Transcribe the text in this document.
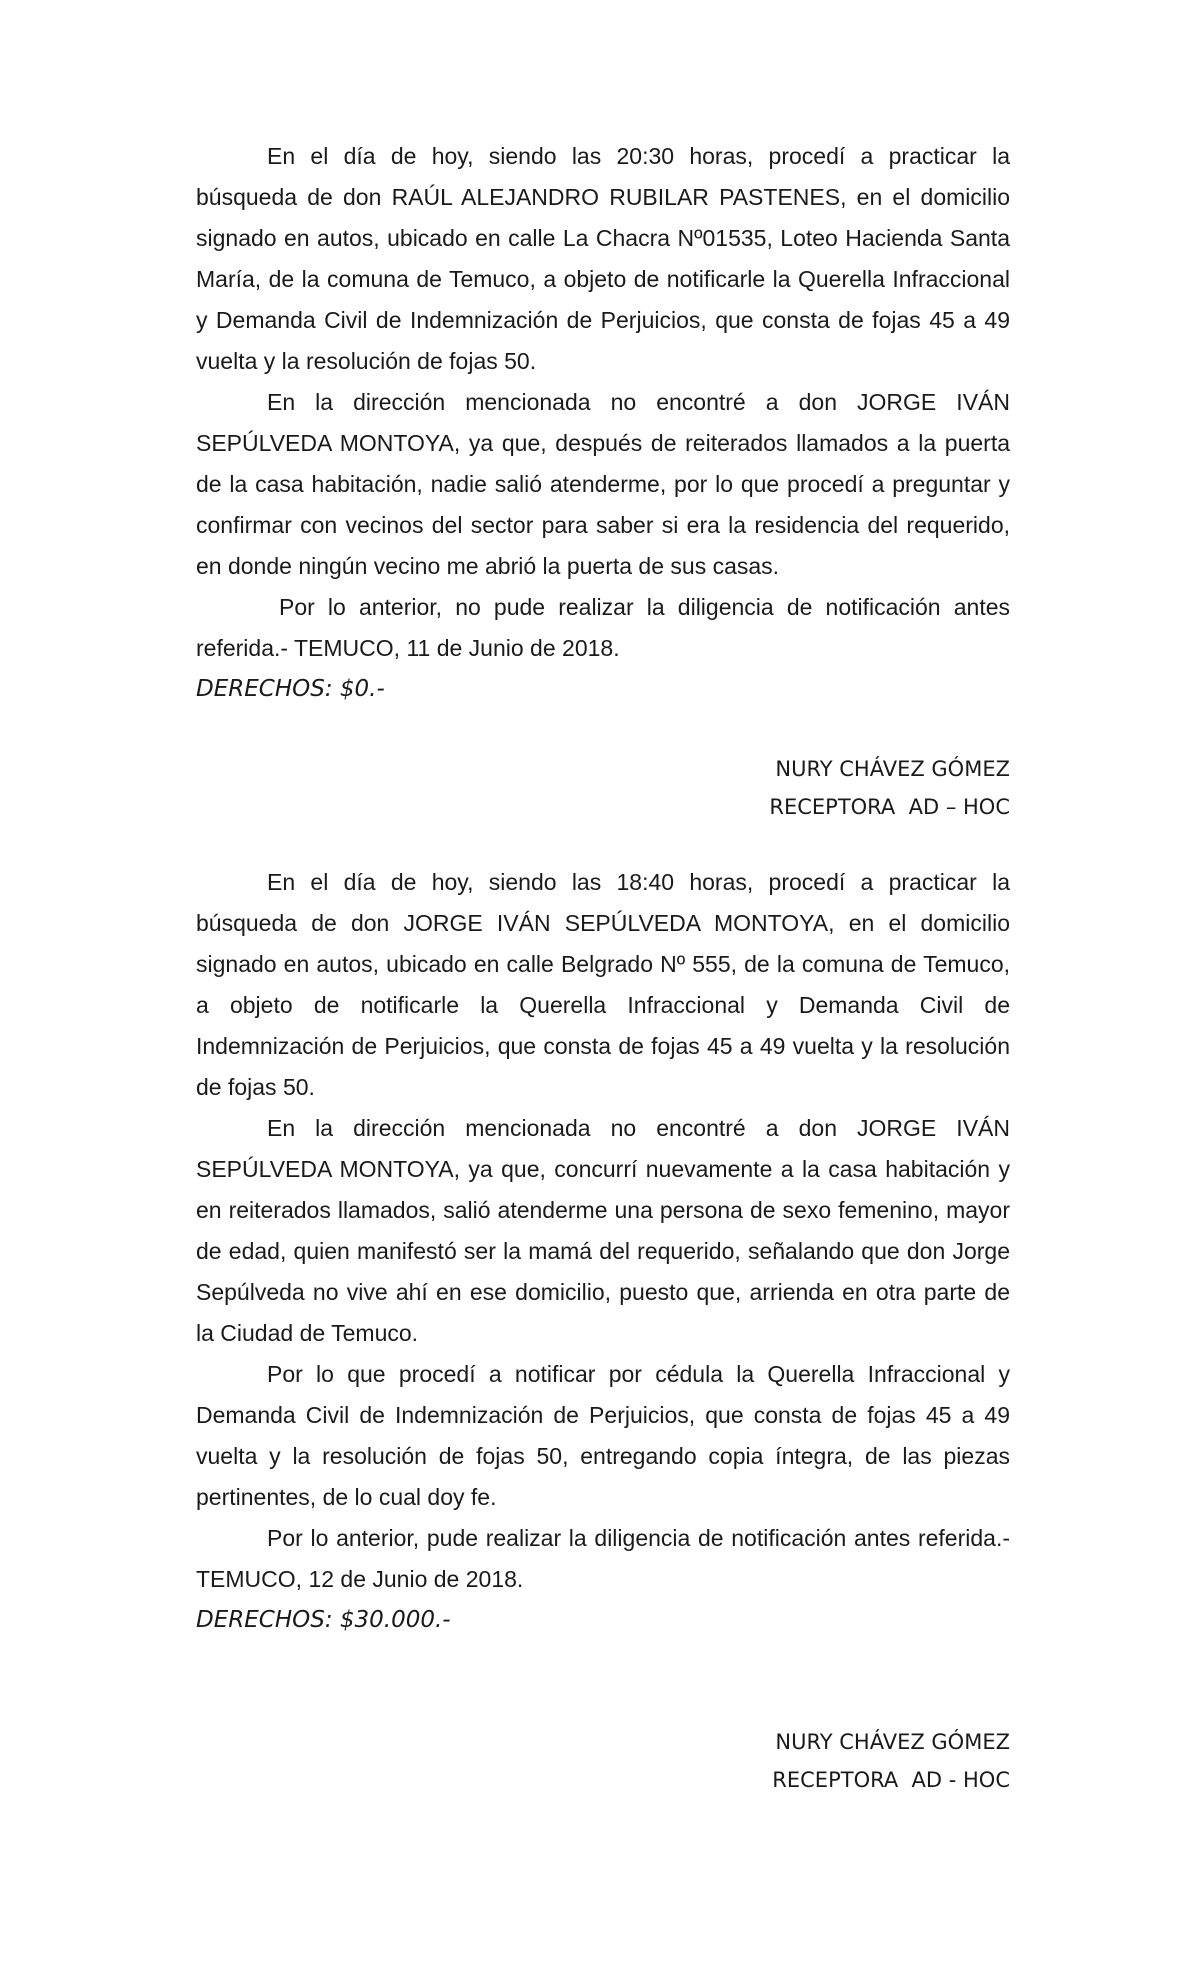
En el día de hoy, siendo las 20:30 horas, procedí a practicar la búsqueda de don RAÚL ALEJANDRO RUBILAR PASTENES, en el domicilio signado en autos, ubicado en calle La Chacra Nº01535, Loteo Hacienda Santa María, de la comuna de Temuco, a objeto de notificarle la Querella Infraccional y Demanda Civil de Indemnización de Perjuicios, que consta de fojas 45 a 49 vuelta y la resolución de fojas 50.

En la dirección mencionada no encontré a don JORGE IVÁN SEPÚLVEDA MONTOYA, ya que, después de reiterados llamados a la puerta de la casa habitación, nadie salió atenderme, por lo que procedí a preguntar y confirmar con vecinos del sector para saber si era la residencia del requerido, en donde ningún vecino me abrió la puerta de sus casas.

Por lo anterior, no pude realizar la diligencia de notificación antes referida.- TEMUCO, 11 de Junio de 2018.

DERECHOS: $0.-

NURY CHÁVEZ GÓMEZ
RECEPTORA  AD – HOC

En el día de hoy, siendo las 18:40 horas, procedí a practicar la búsqueda de don JORGE IVÁN SEPÚLVEDA MONTOYA, en el domicilio signado en autos, ubicado en calle Belgrado Nº 555, de la comuna de Temuco, a objeto de notificarle la Querella Infraccional y Demanda Civil de Indemnización de Perjuicios, que consta de fojas 45 a 49 vuelta y la resolución de fojas 50.

En la dirección mencionada no encontré a don JORGE IVÁN SEPÚLVEDA MONTOYA, ya que, concurrí nuevamente a la casa habitación y en reiterados llamados, salió atenderme una persona de sexo femenino, mayor de edad, quien manifestó ser la mamá del requerido, señalando que don Jorge Sepúlveda no vive ahí en ese domicilio, puesto que, arrienda en otra parte de la Ciudad de Temuco.

Por lo que procedí a notificar por cédula la Querella Infraccional y Demanda Civil de Indemnización de Perjuicios, que consta de fojas 45 a 49 vuelta y la resolución de fojas 50, entregando copia íntegra, de las piezas pertinentes, de lo cual doy fe.

Por lo anterior, pude realizar la diligencia de notificación antes referida.- TEMUCO, 12 de Junio de 2018.

DERECHOS: $30.000.-

NURY CHÁVEZ GÓMEZ
RECEPTORA  AD - HOC
